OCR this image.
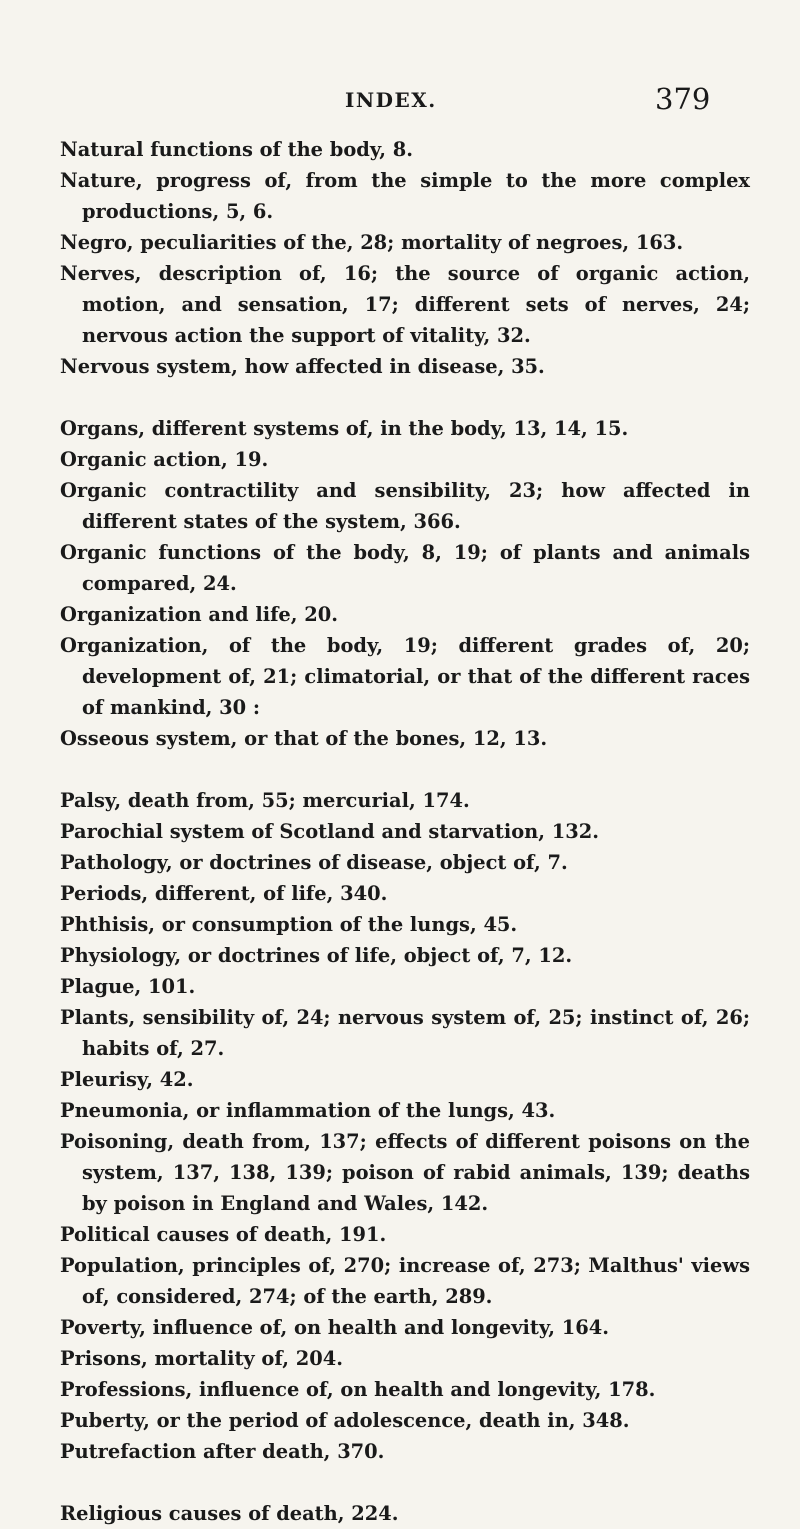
INDEX.	379
Natural functions of the body, 8.
Nature, progress of, from the simple to the more complex productions, 5, 6.
Negro, peculiarities of the, 28; mortality of negroes, 163.
Nerves, description of, 16; the source of organic action, motion, and sensation, 17; different sets of nerves, 24; nervous action the support of vitality, 32.
Nervous system, how affected in disease, 35.
Organs, different systems of, in the body, 13, 14, 15.
Organic action, 19.
Organic contractility and sensibility, 23; how affected in different states of the system, 366.
Organic functions of the body, 8, 19; of plants and animals compared, 24.
Organization and life, 20.
Organization, of the body, 19; different grades of, 20; development of, 21; climatorial, or that of the different races of mankind, 30 :
Osseous system, or that of the bones, 12, 13.
Palsy, death from, 55; mercurial, 174.
Parochial system of Scotland and starvation, 132.
Pathology, or doctrines of disease, object of, 7.
Periods, different, of life, 340.
Phthisis, or consumption of the lungs, 45.
Physiology, or doctrines of life, object of, 7, 12.
Plague, 101.
Plants, sensibility of, 24; nervous system of, 25; instinct of, 26; habits of, 27.
Pleurisy, 42.
Pneumonia, or inflammation of the lungs, 43.
Poisoning, death from, 137; effects of different poisons on the system, 137, 138, 139; poison of rabid animals, 139; deaths by poison in England and Wales, 142.
Political causes of death, 191.
Population, principles of, 270; increase of, 273; Malthus' views of, considered, 274; of the earth, 289.
Poverty, influence of, on health and longevity, 164.
Prisons, mortality of, 204.
Professions, influence of, on health and longevity, 178.
Puberty, or the period of adolescence, death in, 348.
Putrefaction after death, 370.
Religious causes of death, 224.
